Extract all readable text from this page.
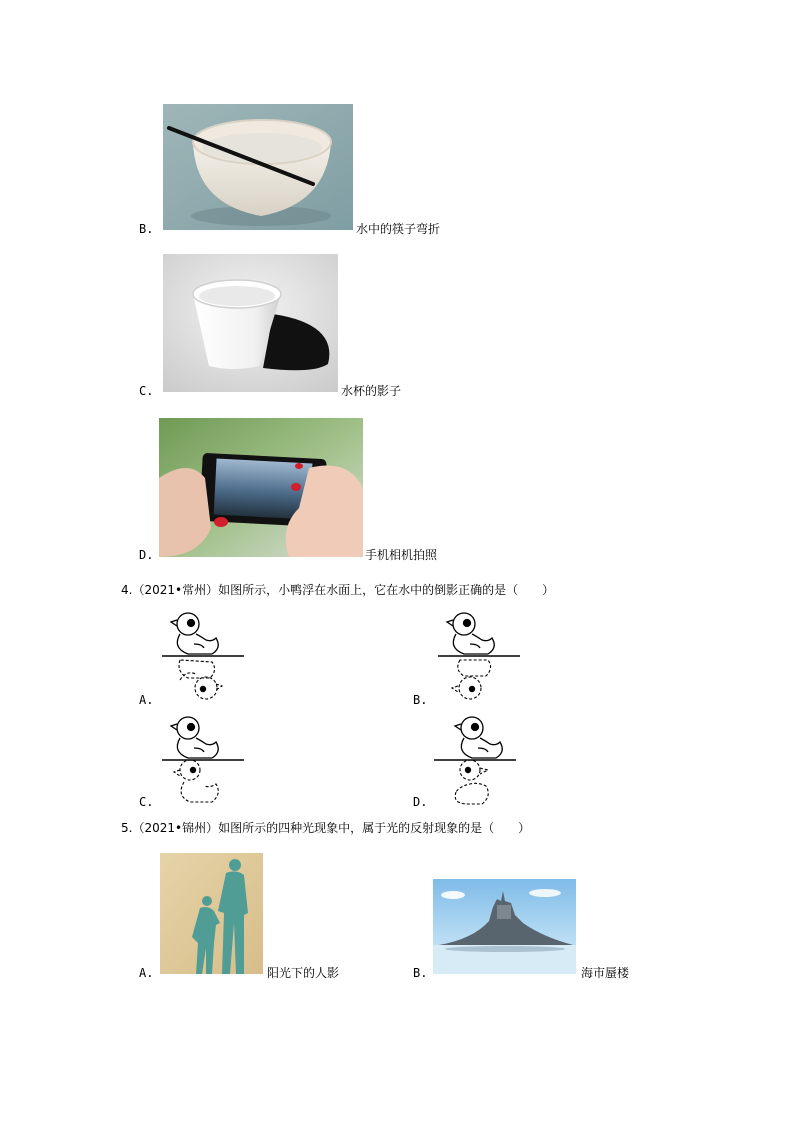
B.	水中的筷子弯折
C.	水杯的影子
D.	手机相机拍照
4.（2021•常州）如图所示，小鸭浮在水面上，它在水中的倒影正确的是（　　）
A.	B.
C.	D.
5.（2021•锦州）如图所示的四种光现象中，属于光的反射现象的是（　　）
A.	阳光下的人影	B.	海市蜃楼
